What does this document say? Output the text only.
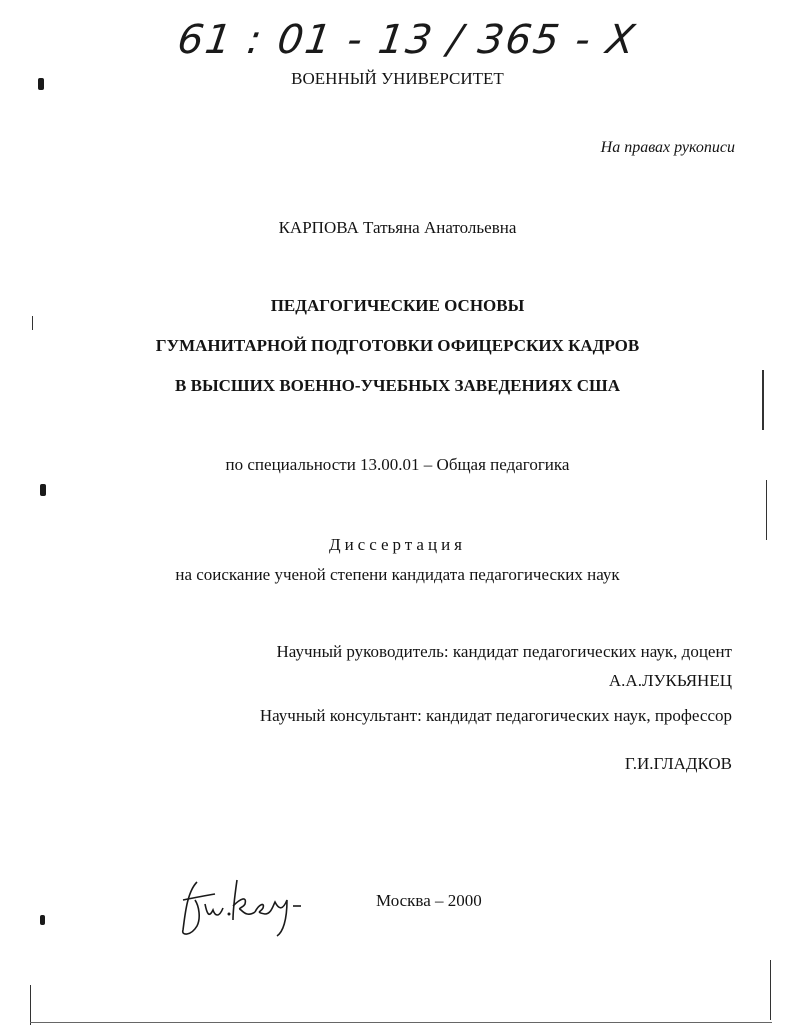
61 : 01 - 13 / 365 - X
ВОЕННЫЙ УНИВЕРСИТЕТ
На правах рукописи
КАРПОВА Татьяна Анатольевна
ПЕДАГОГИЧЕСКИЕ ОСНОВЫ
ГУМАНИТАРНОЙ ПОДГОТОВКИ ОФИЦЕРСКИХ КАДРОВ
В ВЫСШИХ ВОЕННО-УЧЕБНЫХ ЗАВЕДЕНИЯХ США
по специальности 13.00.01 – Общая педагогика
Диссертация
на соискание ученой степени кандидата педагогических наук
Научный руководитель: кандидат педагогических наук, доцент
А.А.ЛУКЬЯНЕЦ
Научный консультант: кандидат педагогических наук, профессор
Г.И.ГЛАДКОВ
Москва – 2000
